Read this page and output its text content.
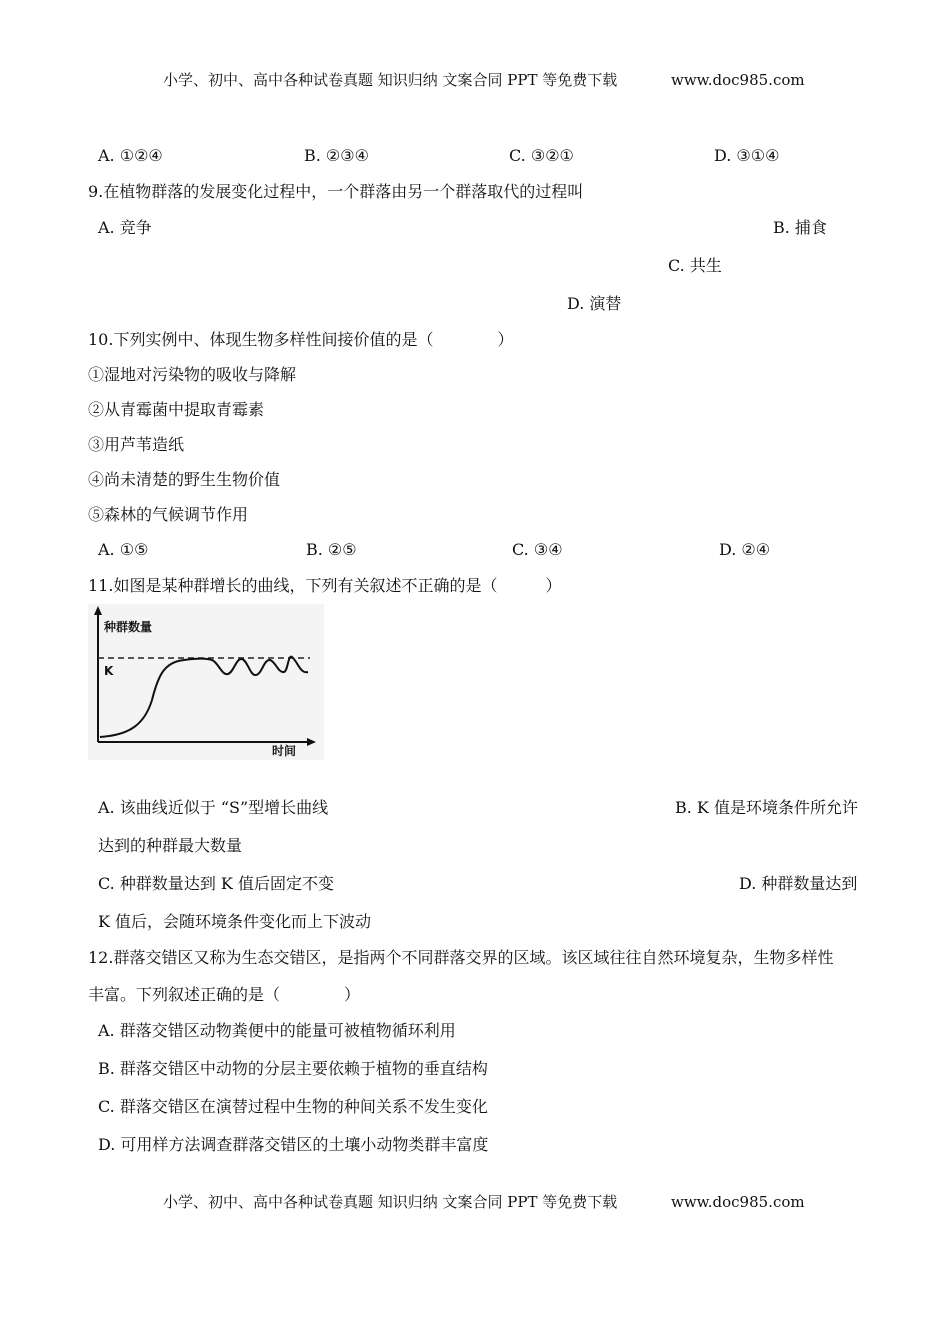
小学、初中、高中各种试卷真题 知识归纳 文案合同 PPT 等免费下载	www.doc985.com
A. ①②④	B. ②③④	C. ③②①	D. ③①④
9.在植物群落的发展变化过程中，一个群落由另一个群落取代的过程叫
A. 竞争	B. 捕食
C. 共生
D. 演替
10.下列实例中、体现生物多样性间接价值的是（　　　　）
①湿地对污染物的吸收与降解
②从青霉菌中提取青霉素
③用芦苇造纸
④尚未清楚的野生生物价值
⑤森林的气候调节作用
A. ①⑤	B. ②⑤	C. ③④	D. ②④
11.如图是某种群增长的曲线，下列有关叙述不正确的是（　　　）
种群数量
K
时间
A. 该曲线近似于 “S”型增长曲线	B. K 值是环境条件所允许
达到的种群最大数量
C. 种群数量达到 K 值后固定不变	D. 种群数量达到
K 值后，会随环境条件变化而上下波动
12.群落交错区又称为生态交错区，是指两个不同群落交界的区域。该区域往往自然环境复杂，生物多样性
丰富。下列叙述正确的是（　　　　）
A. 群落交错区动物粪便中的能量可被植物循环利用
B. 群落交错区中动物的分层主要依赖于植物的垂直结构
C. 群落交错区在演替过程中生物的种间关系不发生变化
D. 可用样方法调查群落交错区的土壤小动物类群丰富度
小学、初中、高中各种试卷真题 知识归纳 文案合同 PPT 等免费下载	www.doc985.com
